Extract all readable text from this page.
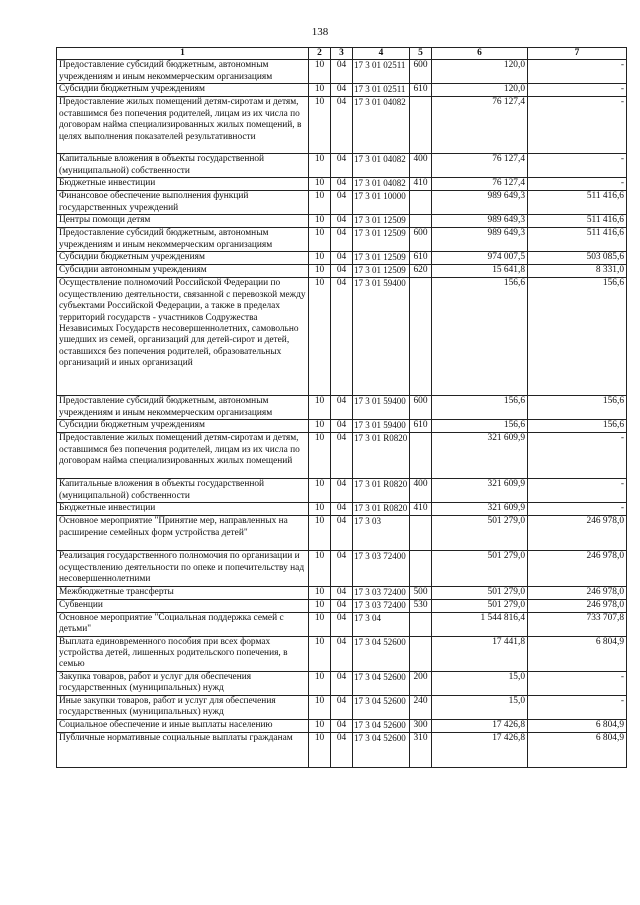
138
1	2	3	4	5	6	7
Предоставление субсидий бюджетным, автономным учреждениям и иным некоммерческим организациям	10	04	17 3 01 02511	600	120,0	-
Субсидии бюджетным учреждениям	10	04	17 3 01 02511	610	120,0	-
Предоставление жилых помещений детям-сиротам и детям, оставшимся без попечения родителей, лицам из их числа по договорам найма специализированных жилых помещений, в целях выполнения показателей результативности	10	04	17 3 01 04082		76 127,4	-
Капитальные вложения в объекты государственной (муниципальной) собственности	10	04	17 3 01 04082	400	76 127,4	-
Бюджетные инвестиции	10	04	17 3 01 04082	410	76 127,4	-
Финансовое обеспечение выполнения функций государственных учреждений	10	04	17 3 01 10000		989 649,3	511 416,6
Центры помощи детям	10	04	17 3 01 12509		989 649,3	511 416,6
Предоставление субсидий бюджетным, автономным учреждениям и иным некоммерческим организациям	10	04	17 3 01 12509	600	989 649,3	511 416,6
Субсидии бюджетным учреждениям	10	04	17 3 01 12509	610	974 007,5	503 085,6
Субсидии автономным учреждениям	10	04	17 3 01 12509	620	15 641,8	8 331,0
Осуществление полномочий Российской Федерации по осуществлению деятельности, связанной с перевозкой между субъектами Российской Федерации, а также в пределах территорий государств - участников Содружества Независимых Государств несовершеннолетних, самовольно ушедших из семей, организаций для детей-сирот и детей, оставшихся без попечения родителей, образовательных организаций и иных организаций	10	04	17 3 01 59400		156,6	156,6
Предоставление субсидий бюджетным, автономным учреждениям и иным некоммерческим организациям	10	04	17 3 01 59400	600	156,6	156,6
Субсидии бюджетным учреждениям	10	04	17 3 01 59400	610	156,6	156,6
Предоставление жилых помещений детям-сиротам и детям, оставшимся без попечения родителей, лицам из их числа по договорам найма специализированных жилых помещений	10	04	17 3 01 R0820		321 609,9	-
Капитальные вложения в объекты государственной (муниципальной) собственности	10	04	17 3 01 R0820	400	321 609,9	-
Бюджетные инвестиции	10	04	17 3 01 R0820	410	321 609,9	-
Основное мероприятие "Принятие мер, направленных на расширение семейных форм устройства детей"	10	04	17 3 03		501 279,0	246 978,0
Реализация государственного полномочия по организации и осуществлению деятельности по опеке и попечительству над несовершеннолетними	10	04	17 3 03 72400		501 279,0	246 978,0
Межбюджетные трансферты	10	04	17 3 03 72400	500	501 279,0	246 978,0
Субвенции	10	04	17 3 03 72400	530	501 279,0	246 978,0
Основное мероприятие "Социальная поддержка семей с детьми"	10	04	17 3 04		1 544 816,4	733 707,8
Выплата единовременного пособия при всех формах устройства детей, лишенных родительского попечения, в семью	10	04	17 3 04 52600		17 441,8	6 804,9
Закупка товаров, работ и услуг для обеспечения государственных (муниципальных) нужд	10	04	17 3 04 52600	200	15,0	-
Иные закупки товаров, работ и услуг для обеспечения государственных (муниципальных) нужд	10	04	17 3 04 52600	240	15,0	-
Социальное обеспечение и иные выплаты населению	10	04	17 3 04 52600	300	17 426,8	6 804,9
Публичные нормативные социальные выплаты гражданам	10	04	17 3 04 52600	310	17 426,8	6 804,9
